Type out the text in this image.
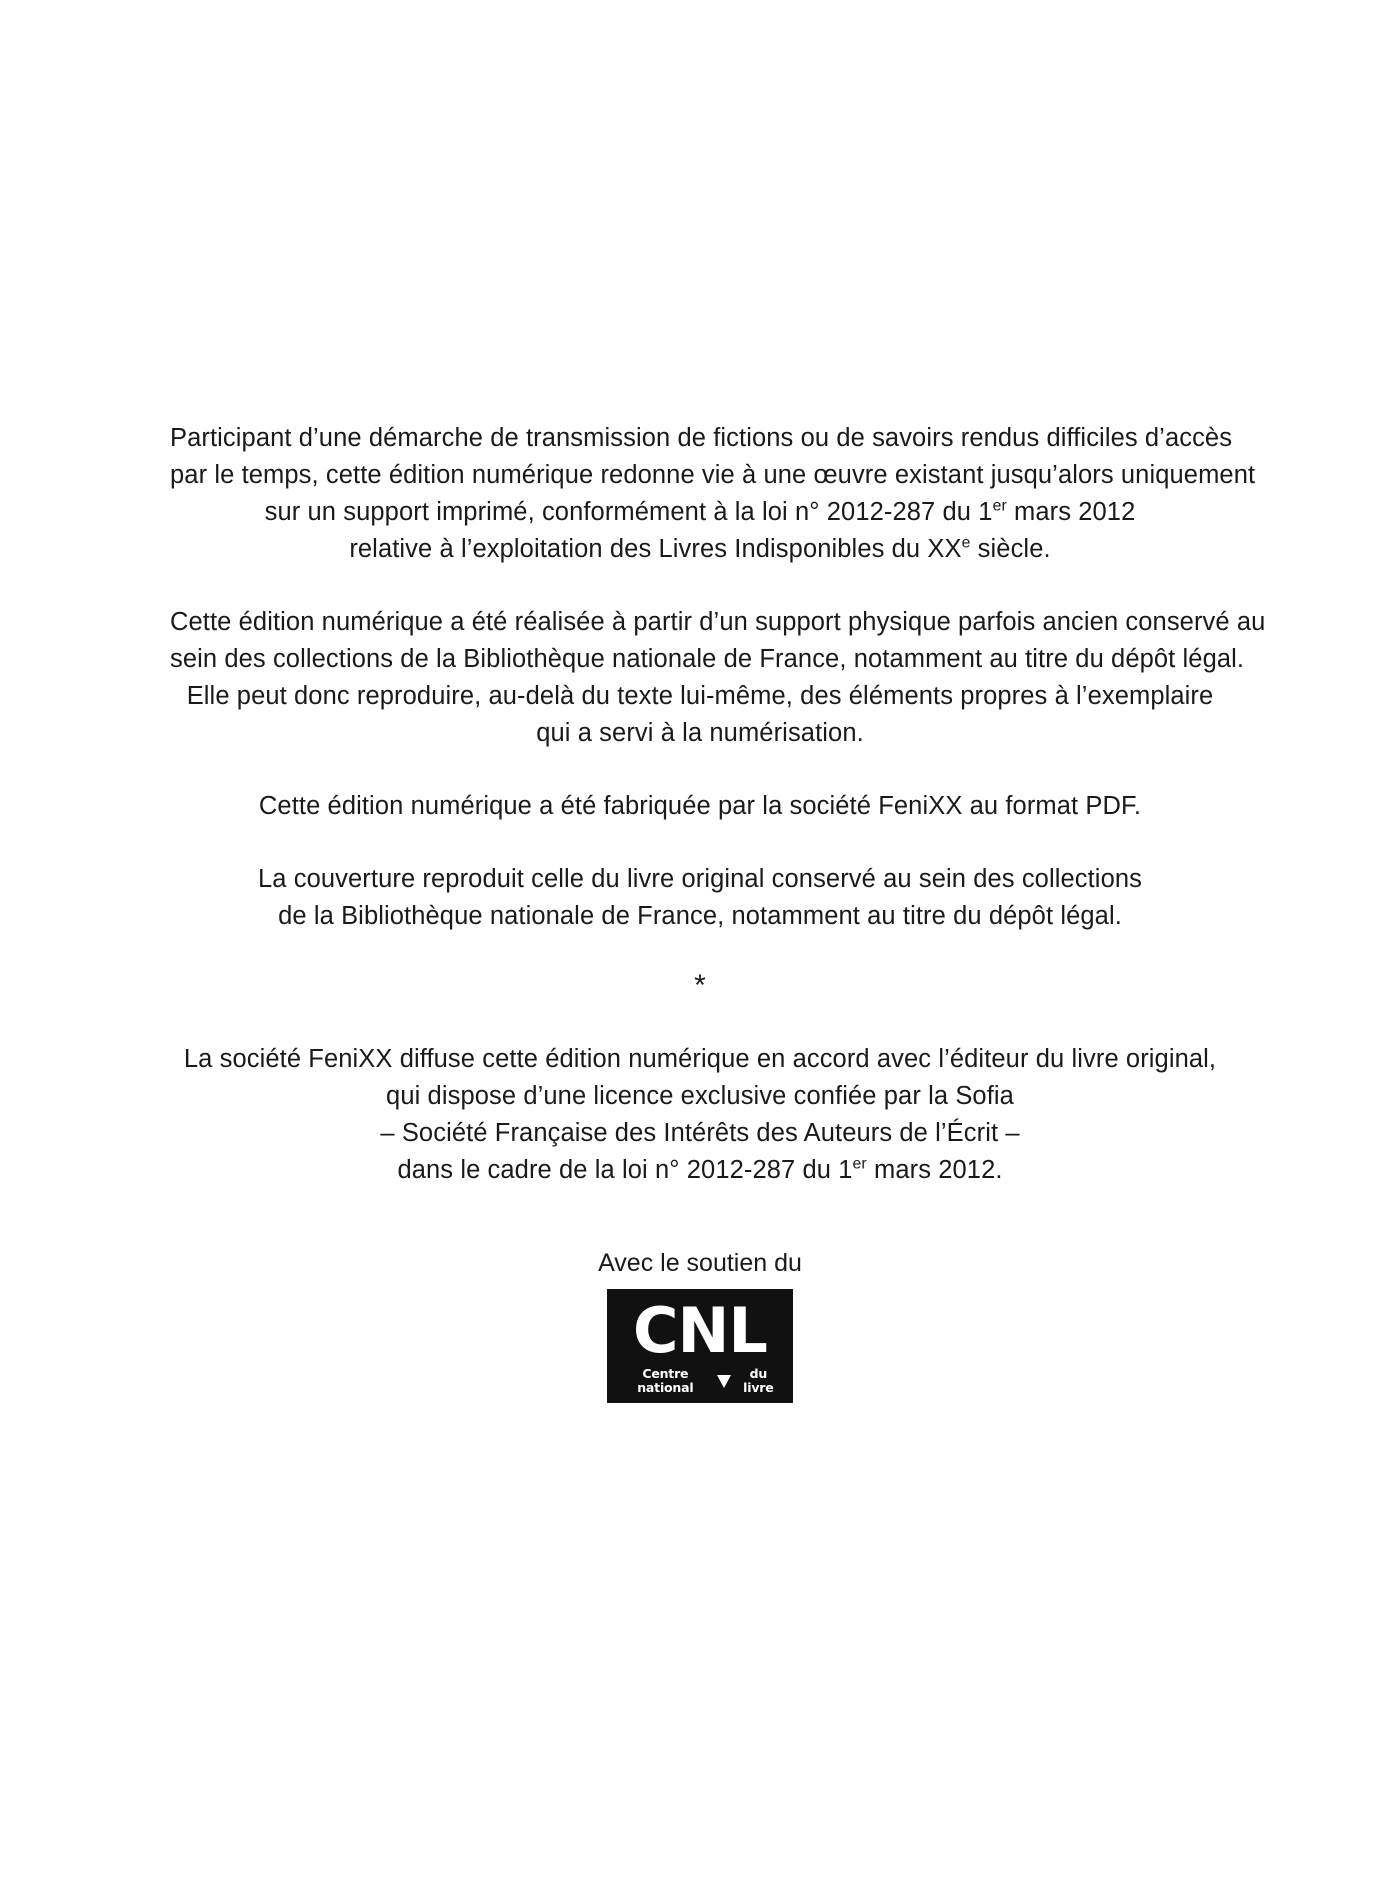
Participant d’une démarche de transmission de fictions ou de savoirs rendus difficiles d’accès
par le temps, cette édition numérique redonne vie à une œuvre existant jusqu’alors uniquement
sur un support imprimé, conformément à la loi n° 2012-287 du 1er mars 2012
relative à l’exploitation des Livres Indisponibles du XXe siècle.

Cette édition numérique a été réalisée à partir d’un support physique parfois ancien conservé au
sein des collections de la Bibliothèque nationale de France, notamment au titre du dépôt légal.
Elle peut donc reproduire, au-delà du texte lui-même, des éléments propres à l’exemplaire
qui a servi à la numérisation.

Cette édition numérique a été fabriquée par la société FeniXX au format PDF.

La couverture reproduit celle du livre original conservé au sein des collections
de la Bibliothèque nationale de France, notamment au titre du dépôt légal.

*

La société FeniXX diffuse cette édition numérique en accord avec l’éditeur du livre original,
qui dispose d’une licence exclusive confiée par la Sofia
– Société Française des Intérêts des Auteurs de l’Écrit –
dans le cadre de la loi n° 2012-287 du 1er mars 2012.

Avec le soutien du
CNL
Centre national
du livre
